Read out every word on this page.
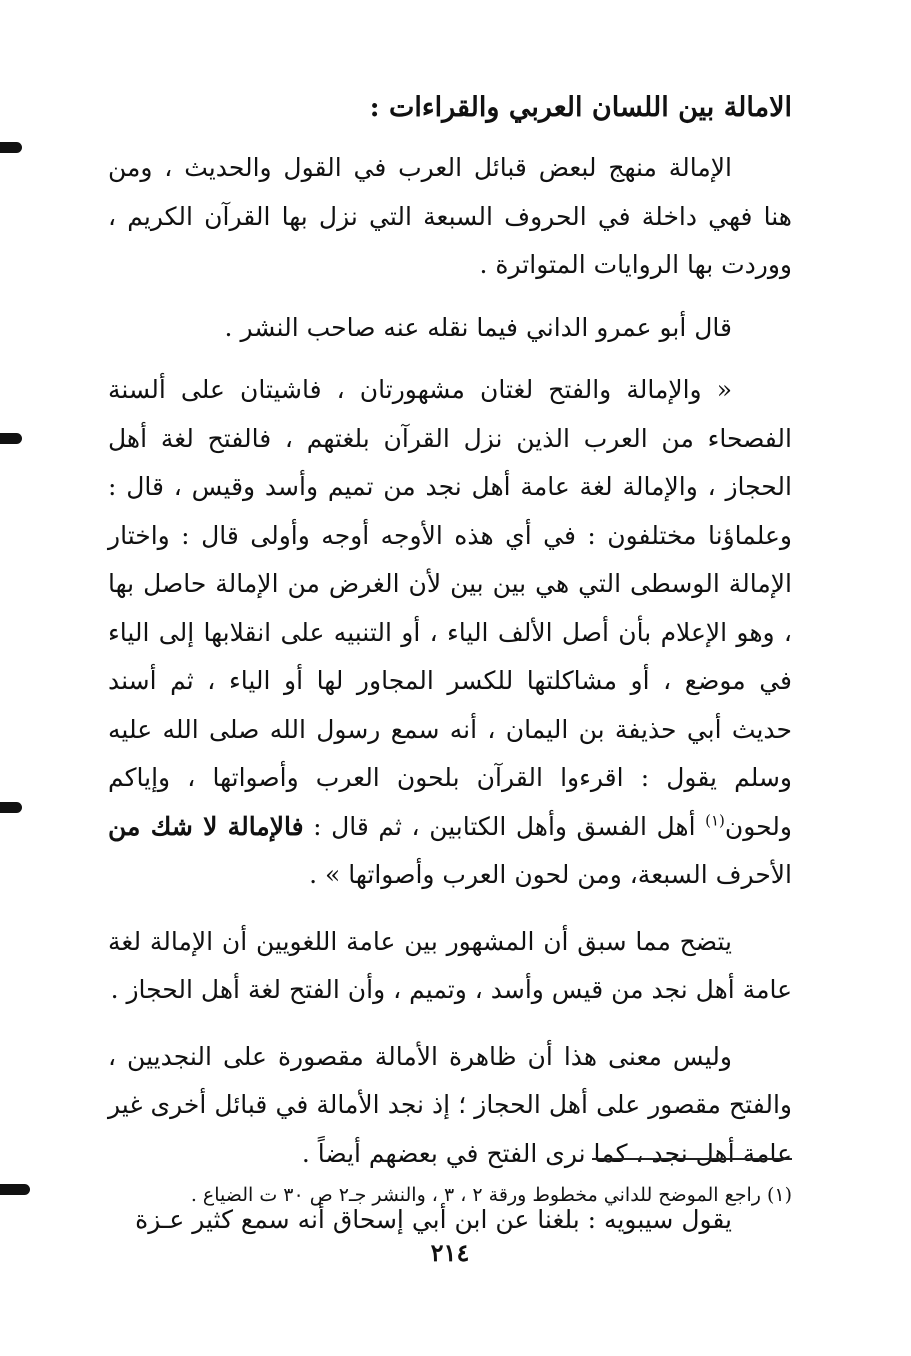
الامالة بين اللسان العربي والقراءات :

الإمالة منهج لبعض قبائل العرب في القول والحديث ، ومن هنا فهي داخلة في الحروف السبعة التي نزل بها القرآن الكريم ، ووردت بها الروايات المتواترة .

قال أبو عمرو الداني فيما نقله عنه صاحب النشر .

« والإمالة والفتح لغتان مشهورتان ، فاشيتان على ألسنة الفصحاء من العرب الذين نزل القرآن بلغتهم ، فالفتح لغة أهل الحجاز ، والإمالة لغة عامة أهل نجد من تميم وأسد وقيس ، قال : وعلماؤنا مختلفون : في أي هذه الأوجه أوجه وأولى قال : واختار الإمالة الوسطى التي هي بين بين لأن الغرض من الإمالة حاصل بها ، وهو الإعلام بأن أصل الألف الياء ، أو التنبيه على انقلابها إلى الياء في موضع ، أو مشاكلتها للكسر المجاور لها أو الياء ، ثم أسند حديث أبي حذيفة بن اليمان ، أنه سمع رسول الله صلى الله عليه وسلم يقول : اقرءوا القرآن بلحون العرب وأصواتها ، وإياكم ولحون$^{(١)}$ أهل الفسق وأهل الكتابين ، ثم قال : فالإمالة لا شك من الأحرف السبعة، ومن لحون العرب وأصواتها » .

يتضح مما سبق أن المشهور بين عامة اللغويين أن الإمالة لغة عامة أهل نجد من قيس وأسد ، وتميم ، وأن الفتح لغة أهل الحجاز .

وليس معنى هذا أن ظاهرة الأمالة مقصورة على النجديين ، والفتح مقصور على أهل الحجاز ؛ إذ نجد الأمالة في قبائل أخرى غير عامة أهل نجد ، كما نرى الفتح في بعضهم أيضاً .

يقول سيبويه : بلغنا عن ابن أبي إسحاق أنه سمع كثير عـزة

(١) راجع الموضح للداني مخطوط ورقة ٢ ، ٣ ، والنشر جـ٢ ص ٣٠ ت الضياع .
٢١٤
